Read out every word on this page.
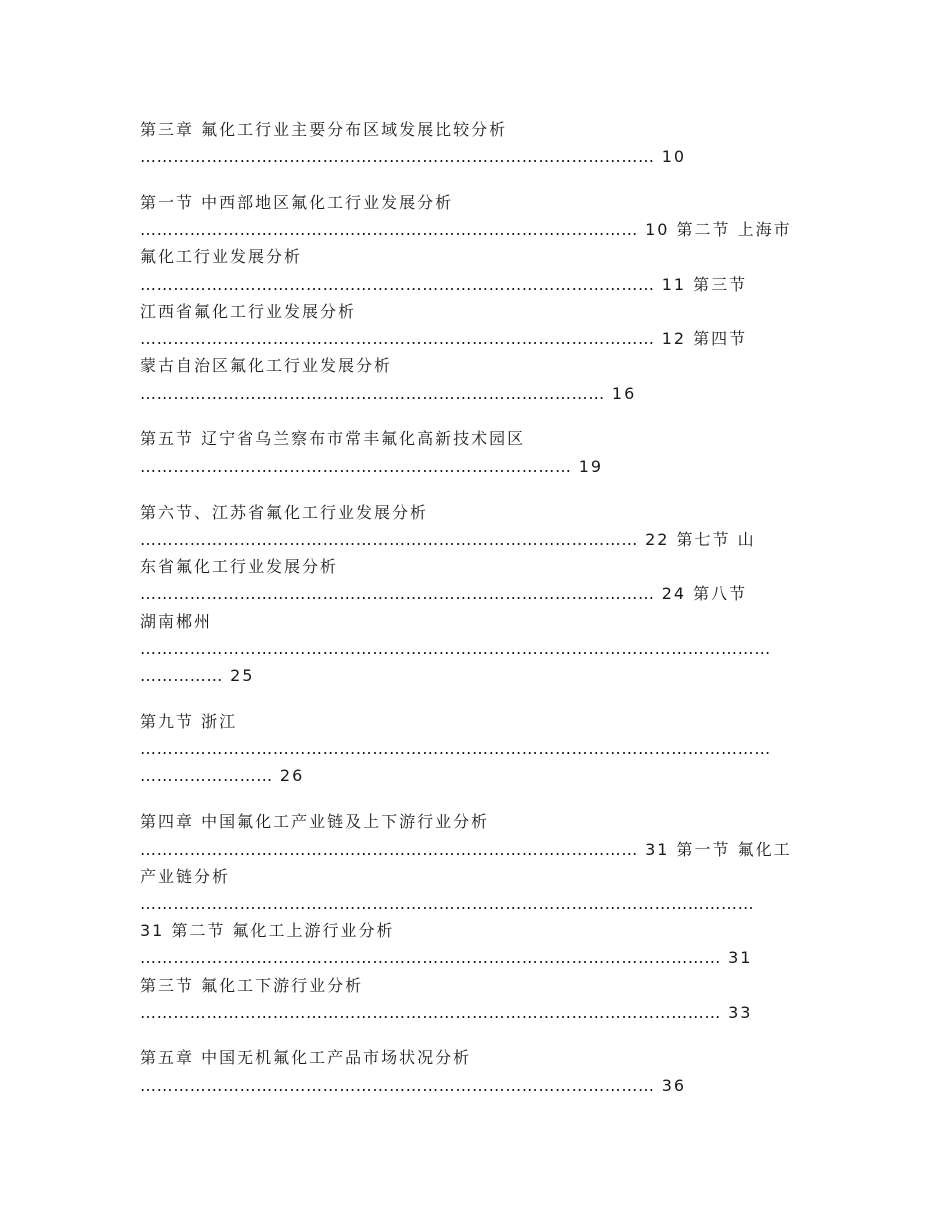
第三章 氟化工行业主要分布区域发展比较分析
………………………………………………………………………………… 10
第一节 中西部地区氟化工行业发展分析
……………………………………………………………………………… 10 第二节 上海市
氟化工行业发展分析
………………………………………………………………………………… 11 第三节
江西省氟化工行业发展分析
………………………………………………………………………………… 12 第四节
蒙古自治区氟化工行业发展分析
………………………………………………………………………… 16
第五节 辽宁省乌兰察布市常丰氟化高新技术园区
…………………………………………………………………… 19
第六节、江苏省氟化工行业发展分析
……………………………………………………………………………… 22 第七节 山
东省氟化工行业发展分析
………………………………………………………………………………… 24 第八节
湖南郴州
……………………………………………………………………………………………………
…………… 25
第九节 浙江
……………………………………………………………………………………………………
…………………… 26
第四章 中国氟化工产业链及上下游行业分析
……………………………………………………………………………… 31 第一节 氟化工
产业链分析
…………………………………………………………………………………………………
31 第二节 氟化工上游行业分析
…………………………………………………………………………………………… 31
第三节 氟化工下游行业分析
…………………………………………………………………………………………… 33
第五章 中国无机氟化工产品市场状况分析
………………………………………………………………………………… 36
